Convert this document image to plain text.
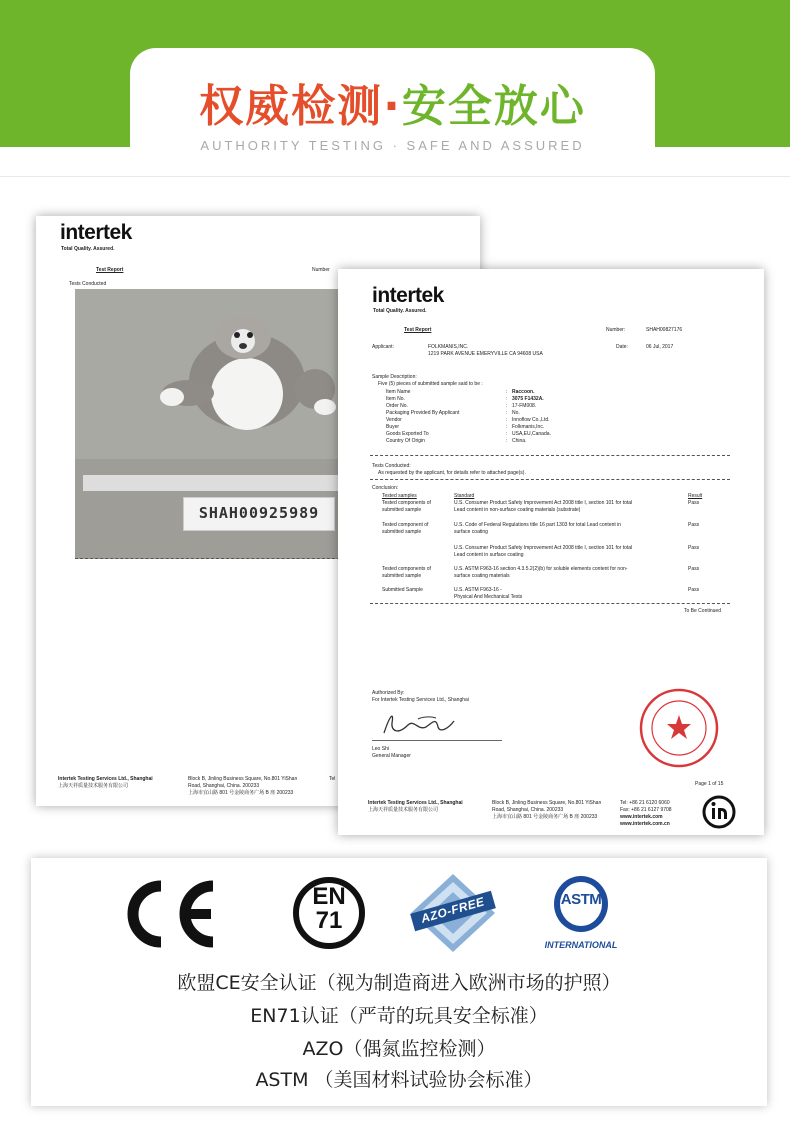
权威检测·安全放心
AUTHORITY TESTING · SAFE AND ASSURED
intertek
Total Quality. Assured.
Test Report	Number
Tests Conducted
SHAH00925989
Intertek Testing Services Ltd., Shanghai
上海天祥质量技术服务有限公司
Block B, Jinling Business Square, No.801 YiShan
Road, Shanghai, China. 200233
上海市宜山路 801 号金陵商务广场 B 座 200233
Tel
intertek
Total Quality. Assured.
Test Report	Number:	SHAH00827176
Applicant:	FOLKMANIS,INC.
1219 PARK AVENUE EMERYVILLE CA 94608 USA
Date:	06 Jul, 2017
Sample Description:
Five (5) pieces of submitted sample said to be :
Item Name	: Raccoon.
Item No.	: 3075 F1432A.
Order No.	: 17-FM008.
Packaging Provided By Applicant	: No.
Vendor	: Innoflow Co.,Ltd.
Buyer	: Folkmanis,Inc.
Goods Exported To	: USA,EU,Canada.
Country Of Origin	: China.
Tests Conducted:
As requested by the applicant, for details refer to attached page(s).
Conclusion:
Tested samples	Standard	Result
Tested components of
submitted sample
U.S. Consumer Product Safety Improvement Act 2008 title I, section 101 for total
Lead content in non-surface coating materials (substrate)
Pass
Tested component of
submitted sample
U.S. Code of Federal Regulations title 16 part 1303 for total Lead content in
surface coating
Pass
U.S. Consumer Product Safety Improvement Act 2008 title I, section 101 for total
Lead content in surface coating
Pass
Tested components of
submitted sample
U.S. ASTM F963-16 section 4.3.5.2(2)(b) for soluble elements content for non-
surface coating materials
Pass
Submitted Sample	U.S. ASTM F963-16 -
Physical And Mechanical Tests
Pass
To Be Continued
Authorized By:
For Intertek Testing Services Ltd., Shanghai
Leo Shi
General Manager
Page 1 of 15
Intertek Testing Services Ltd., Shanghai
上海天祥质量技术服务有限公司
Block B, Jinling Business Square, No.801 YiShan
Road, Shanghai, China. 200233
上海市宜山路 801 号金陵商务广场 B 座 200233
Tel: +86 21 6120 6060
Fax: +86 21 6127 9708
www.intertek.com
www.intertek.com.cn
EN
71	AZO-FREE	ASTM
INTERNATIONAL
欧盟CE安全认证（视为制造商进入欧洲市场的护照）
EN71认证（严苛的玩具安全标准）
AZO（偶氮监控检测）
ASTM （美国材料试验协会标准）
